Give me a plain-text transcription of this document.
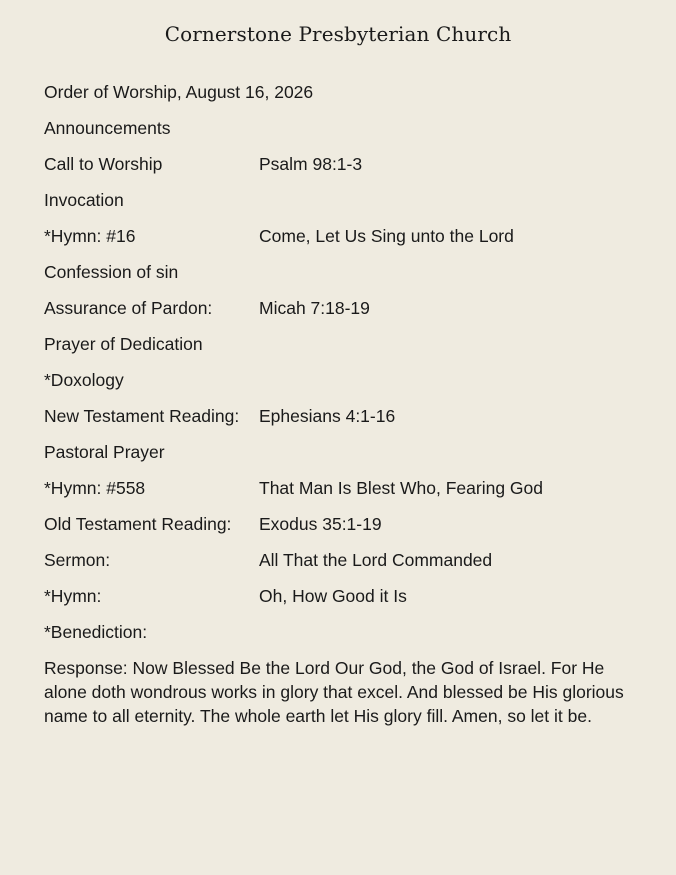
Cornerstone Presbyterian Church
Order of Worship, August 16, 2026
Announcements
Call to Worship	Psalm 98:1-3
Invocation
*Hymn: #16	Come, Let Us Sing unto the Lord
Confession of sin
Assurance of Pardon:	Micah 7:18-19
Prayer of Dedication
*Doxology
New Testament Reading: Ephesians 4:1-16
Pastoral Prayer
*Hymn: #558	That Man Is Blest Who, Fearing God
Old Testament Reading: Exodus 35:1-19
Sermon:	All That the Lord Commanded
*Hymn:	Oh, How Good it Is
*Benediction:
Response: Now Blessed Be the Lord Our God, the God of Israel. For He alone doth wondrous works in glory that excel. And blessed be His glorious name to all eternity. The whole earth let His glory fill. Amen, so let it be.
